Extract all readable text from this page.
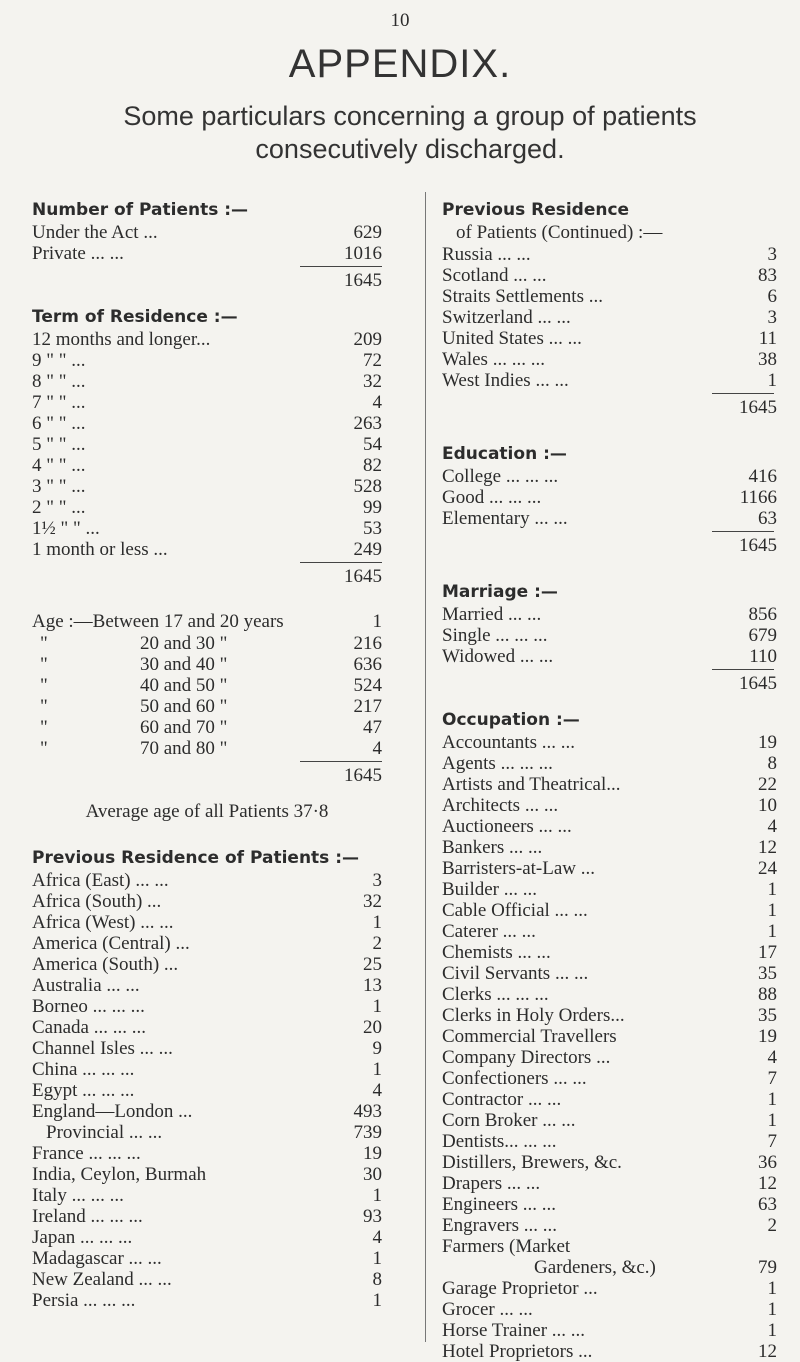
10
APPENDIX.
Some particulars concerning a group of patients consecutively discharged.
Number of Patients :—
Under the Act ...	629
Private ... ...	1016
1645
Term of Residence :—
12 months and longer...	209
9 " " ...	72
8 " " ...	32
7 " " ...	4
6 " " ...	263
5 " " ...	54
4 " " ...	82
3 " " ...	528
2 " " ...	99
1½ " " ...	53
1 month or less ...	249
1645
Age :—Between 17 and 20 years	1
"	20 and 30 "	216
"	30 and 40 "	636
"	40 and 50 "	524
"	50 and 60 "	217
"	60 and 70 "	47
"	70 and 80 "	4
1645
Average age of all Patients 37·8
Previous Residence of Patients :—
Africa (East) ... ...	3
Africa (South) ...	32
Africa (West) ... ...	1
America (Central) ...	2
America (South) ...	25
Australia ... ...	13
Borneo ... ... ...	1
Canada ... ... ...	20
Channel Isles ... ...	9
China ... ... ...	1
Egypt ... ... ...	4
England—London ...	493
Provincial ... ...	739
France ... ... ...	19
India, Ceylon, Burmah	30
Italy ... ... ...	1
Ireland ... ... ...	93
Japan ... ... ...	4
Madagascar ... ...	1
New Zealand ... ...	8
Persia ... ... ...	1
Previous Residence
of Patients (Continued) :—
Russia ... ...	3
Scotland ... ...	83
Straits Settlements ...	6
Switzerland ... ...	3
United States ... ...	11
Wales ... ... ...	38
West Indies ... ...	1
1645
Education :—
College ... ... ...	416
Good ... ... ...	1166
Elementary ... ...	63
1645
Marriage :—
Married ... ...	856
Single ... ... ...	679
Widowed ... ...	110
1645
Occupation :—
Accountants ... ...	19
Agents ... ... ...	8
Artists and Theatrical...	22
Architects ... ...	10
Auctioneers ... ...	4
Bankers ... ...	12
Barristers-at-Law ...	24
Builder ... ...	1
Cable Official ... ...	1
Caterer ... ...	1
Chemists ... ...	17
Civil Servants ... ...	35
Clerks ... ... ...	88
Clerks in Holy Orders...	35
Commercial Travellers	19
Company Directors ...	4
Confectioners ... ...	7
Contractor ... ...	1
Corn Broker ... ...	1
Dentists... ... ...	7
Distillers, Brewers, &c.	36
Drapers ... ...	12
Engineers ... ...	63
Engravers ... ...	2
Farmers (Market
Gardeners, &c.)	79
Garage Proprietor ...	1
Grocer ... ...	1
Horse Trainer ... ...	1
Hotel Proprietors ...	12
